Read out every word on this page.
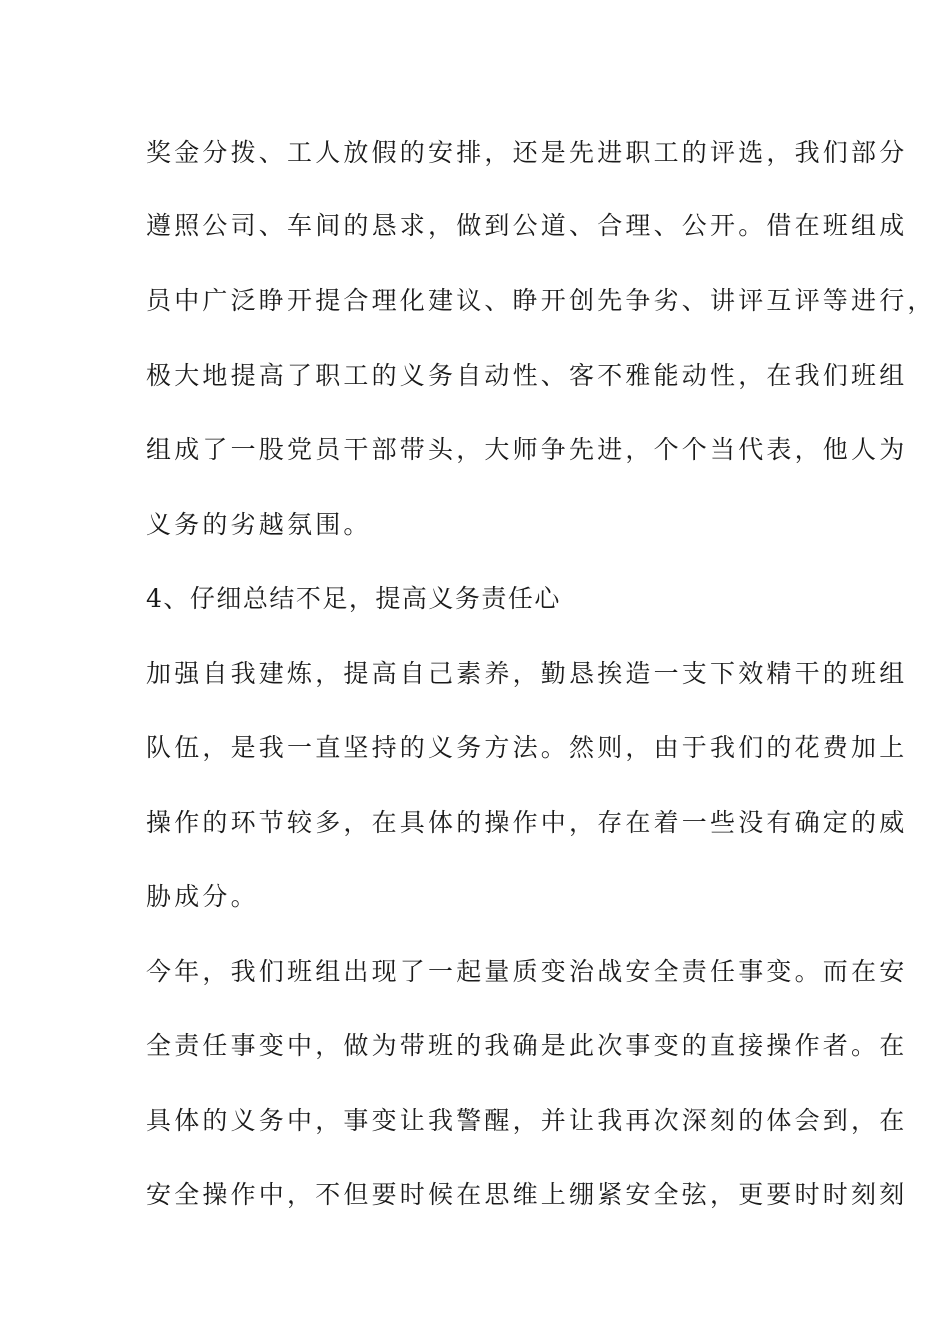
奖金分拨、工人放假的安排，还是先进职工的评选，我们部分
遵照公司、车间的恳求，做到公道、合理、公开。借在班组成
员中广泛睁开提合理化建议、睁开创先争劣、讲评互评等进行，
极大地提高了职工的义务自动性、客不雅能动性，在我们班组
组成了一股党员干部带头，大师争先进，个个当代表，他人为
义务的劣越氛围。
4、仔细总结不足，提高义务责任心
加强自我建炼，提高自己素养，勤恳挨造一支下效精干的班组
队伍，是我一直坚持的义务方法。然则，由于我们的花费加上
操作的环节较多，在具体的操作中，存在着一些没有确定的威
胁成分。
今年，我们班组出现了一起量质变治战安全责任事变。而在安
全责任事变中，做为带班的我确是此次事变的直接操作者。在
具体的义务中，事变让我警醒，并让我再次深刻的体会到，在
安全操作中，不但要时候在思维上绷紧安全弦，更要时时刻刻
